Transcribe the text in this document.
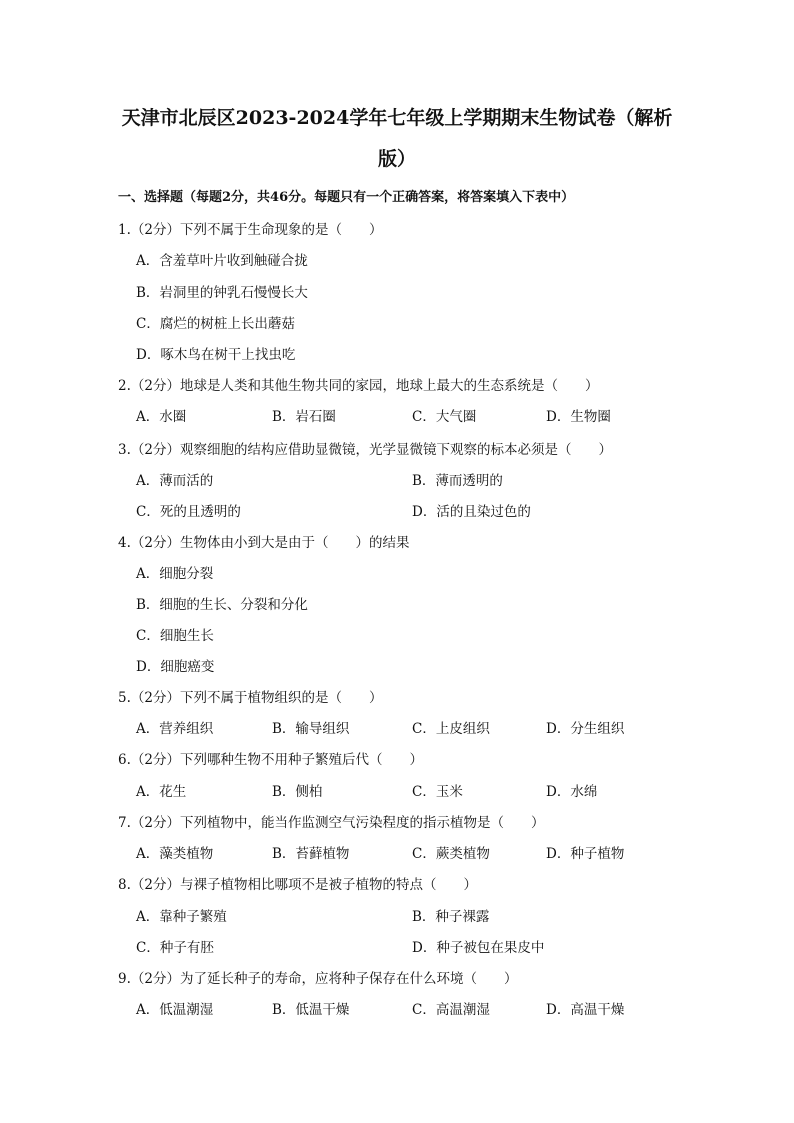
天津市北辰区2023-2024学年七年级上学期期末生物试卷（解析
版）
一、选择题（每题2分，共46分。每题只有一个正确答案，将答案填入下表中）
1.（2分）下列不属于生命现象的是（　　）
A．含羞草叶片收到触碰合拢
B．岩洞里的钟乳石慢慢长大
C．腐烂的树桩上长出蘑菇
D．啄木鸟在树干上找虫吃
2.（2分）地球是人类和其他生物共同的家园，地球上最大的生态系统是（　　）
A．水圈	B．岩石圈	C．大气圈	D．生物圈
3.（2分）观察细胞的结构应借助显微镜，光学显微镜下观察的标本必须是（　　）
A．薄而活的	B．薄而透明的
C．死的且透明的	D．活的且染过色的
4.（2分）生物体由小到大是由于（　　）的结果
A．细胞分裂
B．细胞的生长、分裂和分化
C．细胞生长
D．细胞癌变
5.（2分）下列不属于植物组织的是（　　）
A．营养组织	B．输导组织	C．上皮组织	D．分生组织
6.（2分）下列哪种生物不用种子繁殖后代（　　）
A．花生	B．侧柏	C．玉米	D．水绵
7.（2分）下列植物中，能当作监测空气污染程度的指示植物是（　　）
A．藻类植物	B．苔藓植物	C．蕨类植物	D．种子植物
8.（2分）与裸子植物相比哪项不是被子植物的特点（　　）
A．靠种子繁殖	B．种子裸露
C．种子有胚	D．种子被包在果皮中
9.（2分）为了延长种子的寿命，应将种子保存在什么环境（　　）
A．低温潮湿	B．低温干燥	C．高温潮湿	D．高温干燥
